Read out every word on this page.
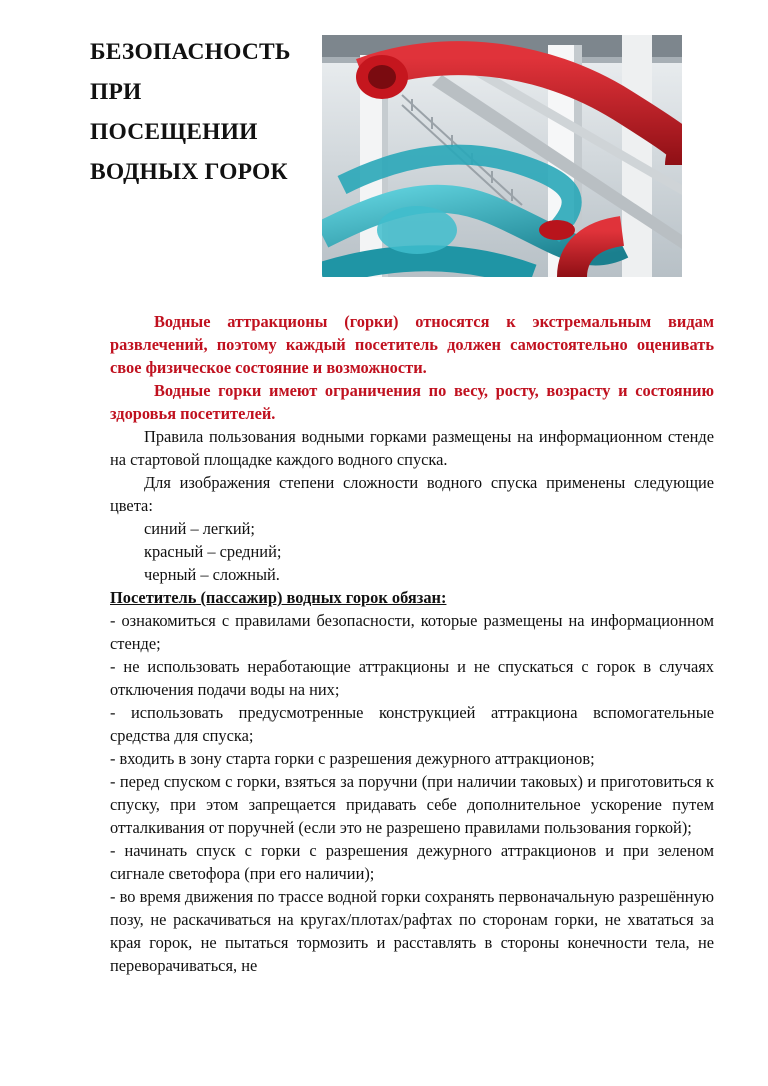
БЕЗОПАСНОСТЬ
ПРИ
ПОСЕЩЕНИИ
ВОДНЫХ ГОРОК

Водные аттракционы (горки) относятся к экстремальным видам развлечений, поэтому каждый посетитель должен самостоятельно оценивать свое физическое состояние и возможности.

Водные горки имеют ограничения по весу, росту, возрасту и состоянию здоровья посетителей.

Правила пользования водными горками размещены на информационном стенде на стартовой площадке каждого водного спуска.

Для изображения степени сложности водного спуска применены следующие цвета:

синий – легкий;

красный – средний;

черный – сложный.

Посетитель (пассажир) водных горок обязан:

- ознакомиться с правилами безопасности, которые размещены на информационном стенде;

- не использовать неработающие аттракционы и не спускаться с горок в случаях отключения подачи воды на них;

- использовать предусмотренные конструкцией аттракциона вспомогательные средства для спуска;

- входить в зону старта горки с разрешения дежурного аттракционов;

- перед спуском с горки, взяться за поручни (при наличии таковых) и приготовиться к спуску, при этом запрещается придавать себе дополнительное ускорение путем отталкивания от поручней (если это не разрешено правилами пользования горкой);

- начинать спуск с горки с разрешения дежурного аттракционов и при зеленом сигнале светофора (при его наличии);

- во время движения по трассе водной горки сохранять первоначальную разрешённую позу, не раскачиваться на кругах/плотах/рафтах по сторонам горки, не хвататься за края горок, не пытаться тормозить и расставлять в стороны конечности тела, не переворачиваться, не
